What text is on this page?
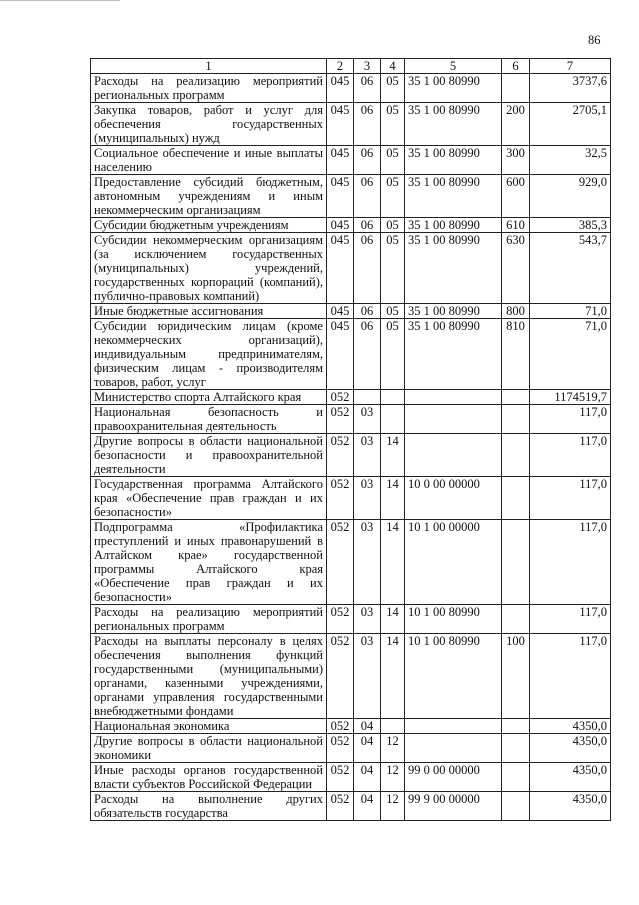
86
1	2	3	4	5	6	7
Расходы на реализацию мероприятий региональных программ	045	06	05	35 1 00 80990		3737,6
Закупка товаров, работ и услуг для обеспечения государственных (муниципальных) нужд	045	06	05	35 1 00 80990	200	2705,1
Социальное обеспечение и иные выплаты населению	045	06	05	35 1 00 80990	300	32,5
Предоставление субсидий бюджетным, автономным учреждениям и иным некоммерческим организациям	045	06	05	35 1 00 80990	600	929,0
Субсидии бюджетным учреждениям	045	06	05	35 1 00 80990	610	385,3
Субсидии некоммерческим организациям (за исключением государственных (муниципальных) учреждений, государственных корпораций (компаний), публично-правовых компаний)	045	06	05	35 1 00 80990	630	543,7
Иные бюджетные ассигнования	045	06	05	35 1 00 80990	800	71,0
Субсидии юридическим лицам (кроме некоммерческих организаций), индивидуальным предпринимателям, физическим лицам - производителям товаров, работ, услуг	045	06	05	35 1 00 80990	810	71,0
Министерство спорта Алтайского края	052					1174519,7
Национальная безопасность и правоохранительная деятельность	052	03				117,0
Другие вопросы в области национальной безопасности и правоохранительной деятельности	052	03	14			117,0
Государственная программа Алтайского края «Обеспечение прав граждан и их безопасности»	052	03	14	10 0 00 00000		117,0
Подпрограмма «Профилактика преступлений и иных правонарушений в Алтайском крае» государственной программы Алтайского края «Обеспечение прав граждан и их безопасности»	052	03	14	10 1 00 00000		117,0
Расходы на реализацию мероприятий региональных программ	052	03	14	10 1 00 80990		117,0
Расходы на выплаты персоналу в целях обеспечения выполнения функций государственными (муниципальными) органами, казенными учреждениями, органами управления государственными внебюджетными фондами	052	03	14	10 1 00 80990	100	117,0
Национальная экономика	052	04				4350,0
Другие вопросы в области национальной экономики	052	04	12			4350,0
Иные расходы органов государственной власти субъектов Российской Федерации	052	04	12	99 0 00 00000		4350,0
Расходы на выполнение других обязательств государства	052	04	12	99 9 00 00000		4350,0
